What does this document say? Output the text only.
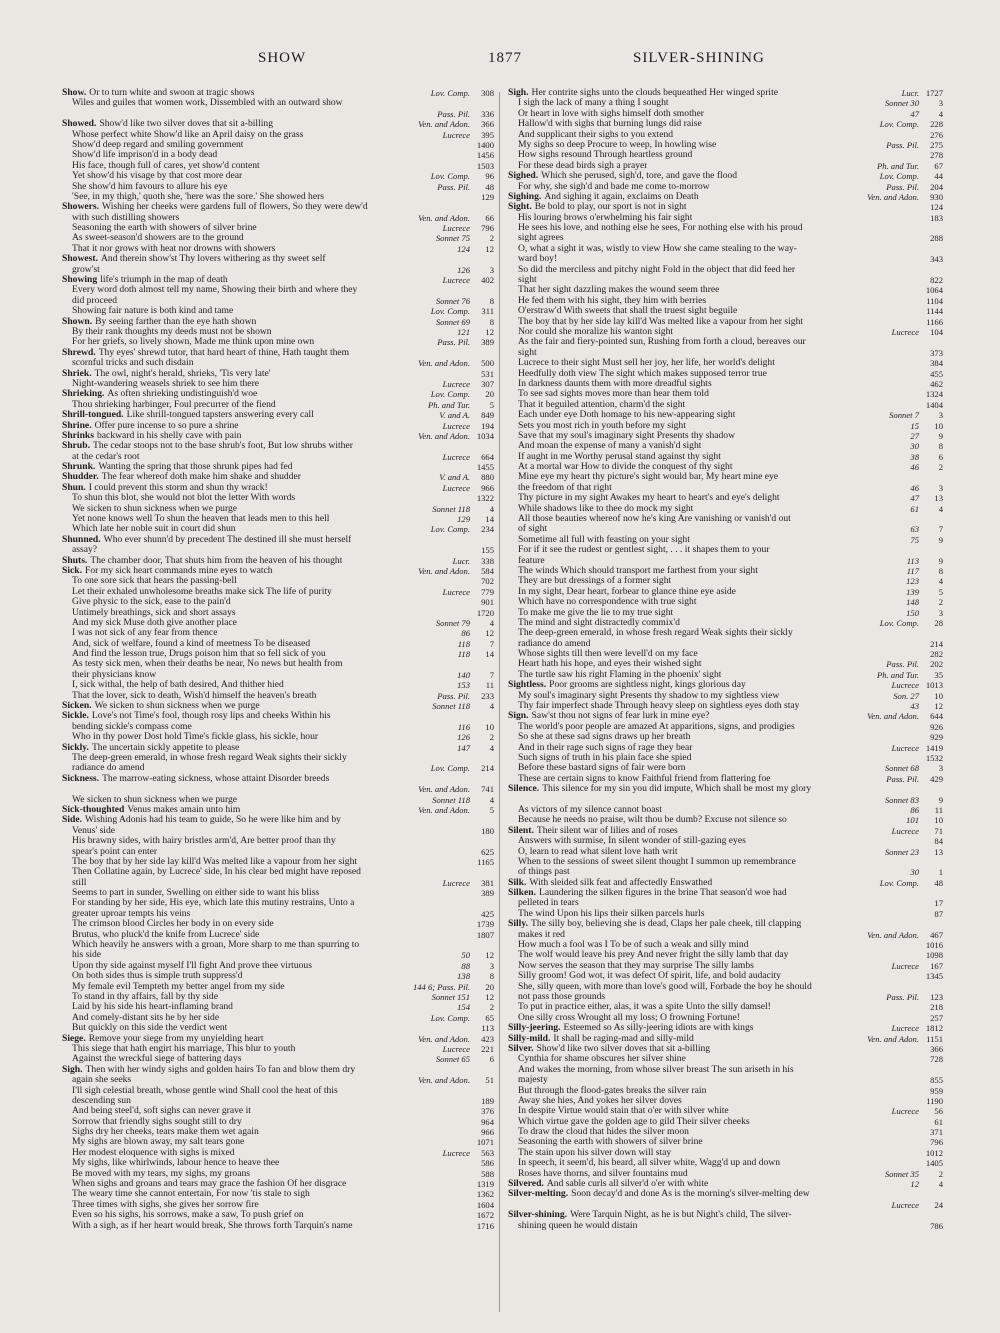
SHOW	1877	SILVER-SHINING
Show. Or to turn white and swoon at tragic shows	Lov. Comp. 308
Wiles and guiles that women work, Dissembled with an outward show
Pass. Pil. 336
Showed. Show'd like two silver doves that sit a-billing	Ven. and Adon. 366
Whose perfect white Show'd like an April daisy on the grass	Lucrece 395
Show'd deep regard and smiling government	1400
Show'd life imprison'd in a body dead	1456
His face, though full of cares, yet show'd content	1503
Yet show'd his visage by that cost more dear	Lov. Comp. 96
She show'd him favours to allure his eye	Pass. Pil. 48
'See, in my thigh,' quoth she, 'here was the sore.' She showed hers	129
Showers. Wishing her cheeks were gardens full of flowers, So they were dew'd
with such distilling showers	Ven. and Adon. 66
Seasoning the earth with showers of silver brine	Lucrece 796
As sweet-season'd showers are to the ground	Sonnet 75 2
That it nor grows with heat nor drowns with showers	124 12
Showest. And therein show'st Thy lovers withering as thy sweet self
grow'st	126 3
Showing life's triumph in the map of death	Lucrece 402
Every word doth almost tell my name, Showing their birth and where they
did proceed	Sonnet 76 8
Showing fair nature is both kind and tame	Lov. Comp. 311
Shown. By seeing farther than the eye hath shown	Sonnet 69 8
By their rank thoughts my deeds must not be shown	121 12
For her griefs, so lively shown, Made me think upon mine own	Pass. Pil. 389
Shrewd. Thy eyes' shrewd tutor, that hard heart of thine, Hath taught them
scornful tricks and such disdain	Ven. and Adon. 500
Shriek. The owl, night's herald, shrieks, 'Tis very late'	531
Night-wandering weasels shriek to see him there	Lucrece 307
Shrieking. As often shrieking undistinguish'd woe	Lov. Comp. 20
Thou shrieking harbinger, Foul precurrer of the fiend	Ph. and Tur. 5
Shrill-tongued. Like shrill-tongued tapsters answering every call	V. and A. 849
Shrine. Offer pure incense to so pure a shrine	Lucrece 194
Shrinks backward in his shelly cave with pain	Ven. and Adon. 1034
Shrub. The cedar stoops not to the base shrub's foot, But low shrubs wither
at the cedar's root	Lucrece 664
Shrunk. Wanting the spring that those shrunk pipes had fed	1455
Shudder. The fear whereof doth make him shake and shudder	V. and A. 880
Shun. I could prevent this storm and shun thy wrack!	Lucrece 966
To shun this blot, she would not blot the letter With words	1322
We sicken to shun sickness when we purge	Sonnet 118 4
Yet none knows well To shun the heaven that leads men to this hell	129 14
Which late her noble suit in court did shun	Lov. Comp. 234
Shunned. Who ever shunn'd by precedent The destined ill she must herself
assay?	155
Shuts. The chamber door, That shuts him from the heaven of his thought	Lucr. 338
Sick. For my sick heart commands mine eyes to watch	Ven. and Adon. 584
To one sore sick that hears the passing-bell	702
Let their exhaled unwholesome breaths make sick The life of purity	Lucrece 779
Give physic to the sick, ease to the pain'd	901
Untimely breathings, sick and short assays	1720
And my sick Muse doth give another place	Sonnet 79 4
I was not sick of any fear from thence	86 12
And, sick of welfare, found a kind of meetness To be diseased	118 7
And find the lesson true, Drugs poison him that so fell sick of you	118 14
As testy sick men, when their deaths be near, No news but health from
their physicians know	140 7
I, sick withal, the help of bath desired, And thither hied	153 11
That the lover, sick to death, Wish'd himself the heaven's breath	Pass. Pil. 233
Sicken. We sicken to shun sickness when we purge	Sonnet 118 4
Sickle. Love's not Time's fool, though rosy lips and cheeks Within his
bending sickle's compass come	116 10
Who in thy power Dost hold Time's fickle glass, his sickle, hour	126 2
Sickly. The uncertain sickly appetite to please	147 4
The deep-green emerald, in whose fresh regard Weak sights their sickly
radiance do amend	Lov. Comp. 214
Sickness. The marrow-eating sickness, whose attaint Disorder breeds
Ven. and Adon. 741
We sicken to shun sickness when we purge	Sonnet 118 4
Sick-thoughted Venus makes amain unto him	Ven. and Adon. 5
Side. Wishing Adonis had his team to guide, So he were like him and by
Venus' side	180
His brawny sides, with hairy bristles arm'd, Are better proof than thy
spear's point can enter	625
The boy that by her side lay kill'd Was melted like a vapour from her sight	1165
Then Collatine again, by Lucrece' side, In his clear bed might have reposed
still	Lucrece 381
Seems to part in sunder, Swelling on either side to want his bliss	389
For standing by her side, His eye, which late this mutiny restrains, Unto a
greater uproar tempts his veins	425
The crimson blood Circles her body in on every side	1739
Brutus, who pluck'd the knife from Lucrece' side	1807
Which heavily he answers with a groan, More sharp to me than spurring to
his side	50 12
Upon thy side against myself I'll fight And prove thee virtuous	88 3
On both sides thus is simple truth suppress'd	138 8
My female evil Tempteth my better angel from my side	144 6; Pass. Pil. 20
To stand in thy affairs, fall by thy side	Sonnet 151 12
Laid by his side his heart-inflaming brand	154 2
And comely-distant sits he by her side	Lov. Comp. 65
But quickly on this side the verdict went	113
Siege. Remove your siege from my unyielding heart	Ven. and Adon. 423
This siege that hath engirt his marriage, This blur to youth	Lucrece 221
Against the wreckful siege of battering days	Sonnet 65 6
Sigh. Then with her windy sighs and golden hairs To fan and blow them dry
again she seeks	Ven. and Adon. 51
I'll sigh celestial breath, whose gentle wind Shall cool the heat of this
descending sun	189
And being steel'd, soft sighs can never grave it	376
Sorrow that friendly sighs sought still to dry	964
Sighs dry her cheeks, tears make them wet again	966
My sighs are blown away, my salt tears gone	1071
Her modest eloquence with sighs is mixed	Lucrece 563
My sighs, like whirlwinds, labour hence to heave thee	586
Be moved with my tears, my sighs, my groans	588
When sighs and groans and tears may grace the fashion Of her disgrace	1319
The weary time she cannot entertain, For now 'tis stale to sigh	1362
Three times with sighs, she gives her sorrow fire	1604
Even so his sighs, his sorrows, make a saw, To push grief on	1672
With a sigh, as if her heart would break, She throws forth Tarquin's name	1716
Sigh. Her contrite sighs unto the clouds bequeathed Her winged sprite	Lucr. 1727
I sigh the lack of many a thing I sought	Sonnet 30 3
Or heart in love with sighs himself doth smother	47 4
Hallow'd with sighs that burning lungs did raise	Lov. Comp. 228
And supplicant their sighs to you extend	276
My sighs so deep Procure to weep, In howling wise	Pass. Pil. 275
How sighs resound Through heartless ground	278
For these dead birds sigh a prayer	Ph. and Tur. 67
Sighed. Which she perused, sigh'd, tore, and gave the flood	Lov. Comp. 44
For why, she sigh'd and bade me come to-morrow	Pass. Pil. 204
Sighing. And sighing it again, exclaims on Death	Ven. and Adon. 930
Sight. Be bold to play, our sport is not in sight	124
His louring brows o'erwhelming his fair sight	183
He sees his love, and nothing else he sees, For nothing else with his proud
sight agrees	288
O, what a sight it was, wistly to view How she came stealing to the way-
ward boy!	343
So did the merciless and pitchy night Fold in the object that did feed her
sight	822
That her sight dazzling makes the wound seem three	1064
He fed them with his sight, they him with berries	1104
O'erstraw'd With sweets that shall the truest sight beguile	1144
The boy that by her side lay kill'd Was melted like a vapour from her sight	1166
Nor could she moralize his wanton sight	Lucrece 104
As the fair and fiery-pointed sun, Rushing from forth a cloud, bereaves our
sight	373
Lucrece to their sight Must sell her joy, her life, her world's delight	384
Heedfully doth view The sight which makes supposed terror true	455
In darkness daunts them with more dreadful sights	462
To see sad sights moves more than hear them told	1324
That it beguiled attention, charm'd the sight	1404
Each under eye Doth homage to his new-appearing sight	Sonnet 7 3
Sets you most rich in youth before my sight	15 10
Save that my soul's imaginary sight Presents thy shadow	27 9
And moan the expense of many a vanish'd sight	30 8
If aught in me Worthy perusal stand against thy sight	38 6
At a mortal war How to divide the conquest of thy sight	46 2
Mine eye my heart thy picture's sight would bar, My heart mine eye
the freedom of that right	46 3
Thy picture in my sight Awakes my heart to heart's and eye's delight	47 13
While shadows like to thee do mock my sight	61 4
All those beauties whereof now he's king Are vanishing or vanish'd out
of sight	63 7
Sometime all full with feasting on your sight	75 9
For if it see the rudest or gentlest sight, . . . it shapes them to your
feature	113 9
The winds Which should transport me farthest from your sight	117 8
They are but dressings of a former sight	123 4
In my sight, Dear heart, forbear to glance thine eye aside	139 5
Which have no correspondence with true sight	148 2
To make me give the lie to my true sight	150 3
The mind and sight distractedly commix'd	Lov. Comp. 28
The deep-green emerald, in whose fresh regard Weak sights their sickly
radiance do amend	214
Whose sights till then were levell'd on my face	282
Heart hath his hope, and eyes their wished sight	Pass. Pil. 202
The turtle saw his right Flaming in the phoenix' sight	Ph. and Tur. 35
Sightless. Poor grooms are sightless night, kings glorious day	Lucrece 1013
My soul's imaginary sight Presents thy shadow to my sightless view	Son. 27 10
Thy fair imperfect shade Through heavy sleep on sightless eyes doth stay	43 12
Sign. Saw'st thou not signs of fear lurk in mine eye?	Ven. and Adon. 644
The world's poor people are amazed At apparitions, signs, and prodigies	926
So she at these sad signs draws up her breath	929
And in their rage such signs of rage they bear	Lucrece 1419
Such signs of truth in his plain face she spied	1532
Before these bastard signs of fair were born	Sonnet 68 3
These are certain signs to know Faithful friend from flattering foe	Pass. Pil. 429
Silence. This silence for my sin you did impute, Which shall be most my glory
Sonnet 83 9
As victors of my silence cannot boast	86 11
Because he needs no praise, wilt thou be dumb? Excuse not silence so	101 10
Silent. Their silent war of lilies and of roses	Lucrece 71
Answers with surmise, In silent wonder of still-gazing eyes	84
O, learn to read what silent love hath writ	Sonnet 23 13
When to the sessions of sweet silent thought I summon up remembrance
of things past	30 1
Silk. With sleided silk feat and affectedly Enswathed	Lov. Comp. 48
Silken. Laundering the silken figures in the brine That season'd woe had
pelleted in tears	17
The wind Upon his lips their silken parcels hurls	87
Silly. The silly boy, believing she is dead, Claps her pale cheek, till clapping
makes it red	Ven. and Adon. 467
How much a fool was I To be of such a weak and silly mind	1016
The wolf would leave his prey And never fright the silly lamb that day	1098
Now serves the season that they may surprise The silly lambs	Lucrece 167
Silly groom! God wot, it was defect Of spirit, life, and bold audacity	1345
She, silly queen, with more than love's good will, Forbade the boy he should
not pass those grounds	Pass. Pil. 123
To put in practice either, alas, it was a spite Unto the silly damsel!	218
One silly cross Wrought all my loss; O frowning Fortune!	257
Silly-jeering. Esteemed so As silly-jeering idiots are with kings	Lucrece 1812
Silly-mild. It shall be raging-mad and silly-mild	Ven. and Adon. 1151
Silver. Show'd like two silver doves that sit a-billing	366
Cynthia for shame obscures her silver shine	728
And wakes the morning, from whose silver breast The sun ariseth in his
majesty	855
But through the flood-gates breaks the silver rain	959
Away she hies, And yokes her silver doves	1190
In despite Virtue would stain that o'er with silver white	Lucrece 56
Which virtue gave the golden age to gild Their silver cheeks	61
To draw the cloud that hides the silver moon	371
Seasoning the earth with showers of silver brine	796
The stain upon his silver down will stay	1012
In speech, it seem'd, his beard, all silver white, Wagg'd up and down	1405
Roses have thorns, and silver fountains mud	Sonnet 35 2
Silvered. And sable curls all silver'd o'er with white	12 4
Silver-melting. Soon decay'd and done As is the morning's silver-melting dew
Lucrece 24
Silver-shining. Were Tarquin Night, as he is but Night's child, The silver-
shining queen he would distain	786
